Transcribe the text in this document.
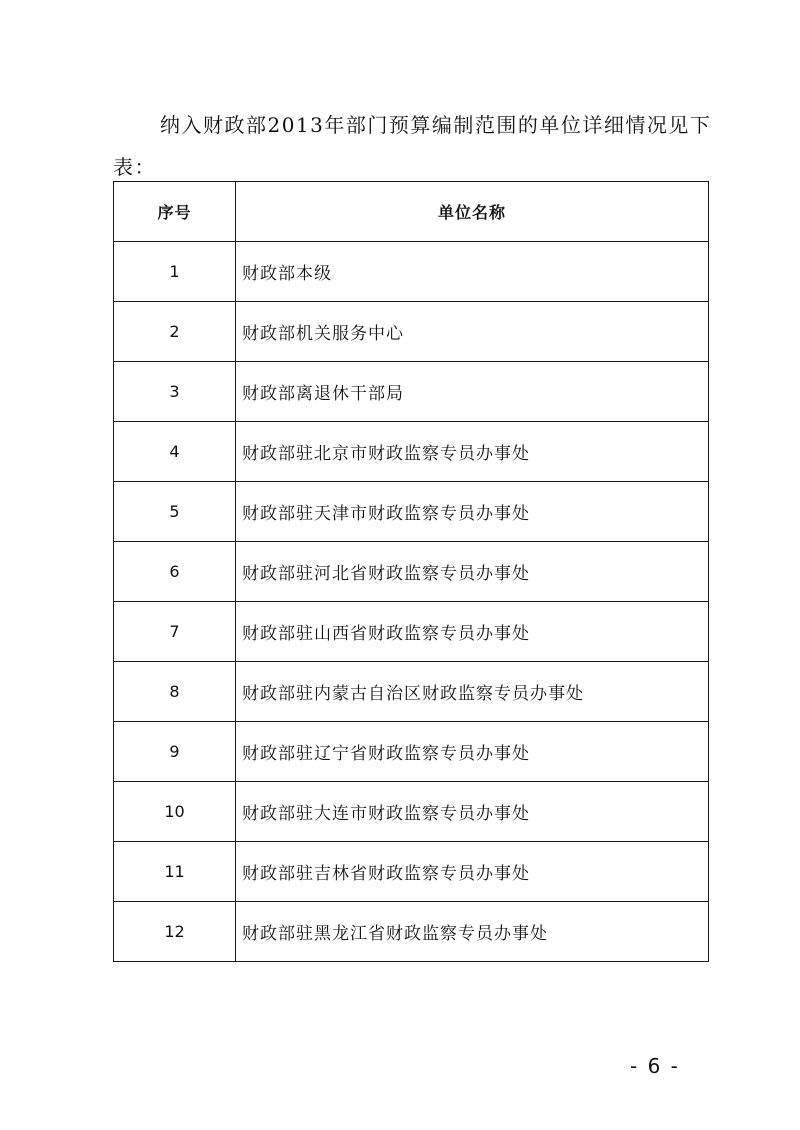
纳入财政部2013年部门预算编制范围的单位详细情况见下表：

序号	单位名称
1	财政部本级
2	财政部机关服务中心
3	财政部离退休干部局
4	财政部驻北京市财政监察专员办事处
5	财政部驻天津市财政监察专员办事处
6	财政部驻河北省财政监察专员办事处
7	财政部驻山西省财政监察专员办事处
8	财政部驻内蒙古自治区财政监察专员办事处
9	财政部驻辽宁省财政监察专员办事处
10	财政部驻大连市财政监察专员办事处
11	财政部驻吉林省财政监察专员办事处
12	财政部驻黑龙江省财政监察专员办事处
- 6 -
